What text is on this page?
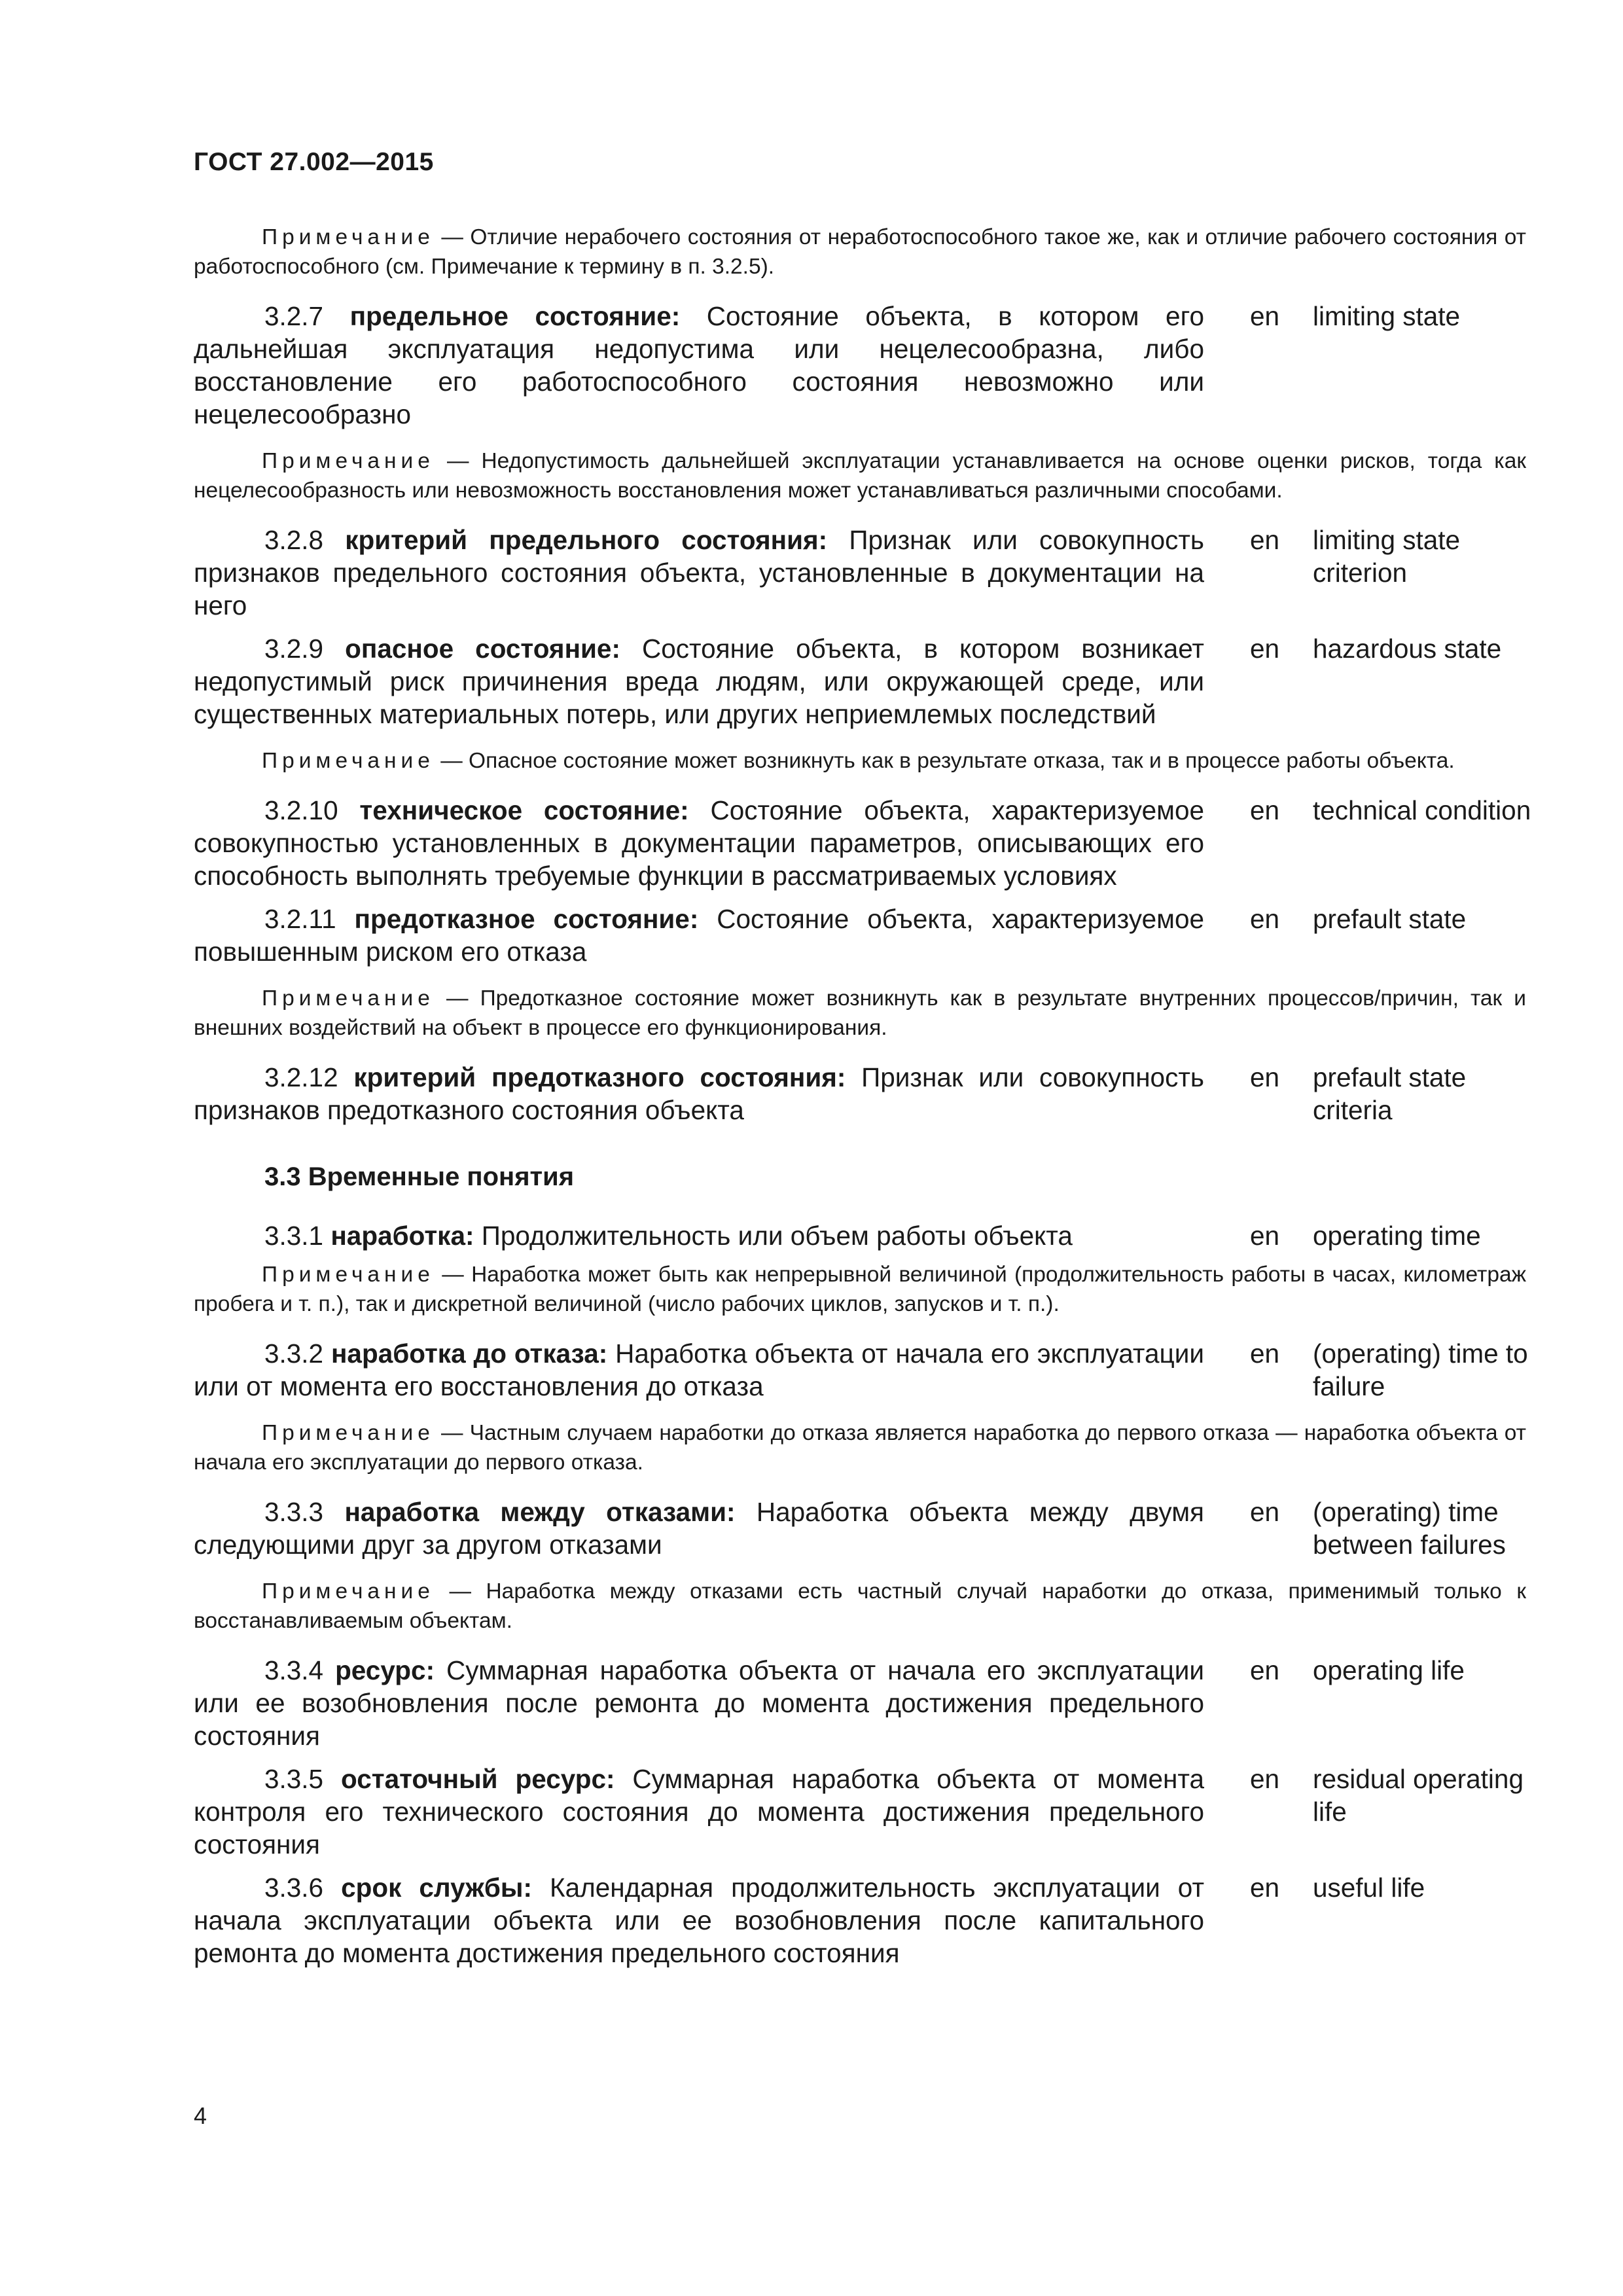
ГОСТ 27.002—2015
Примечание — Отличие нерабочего состояния от неработоспособного такое же, как и отличие рабочего состояния от работоспособного (см. Примечание к термину в п. 3.2.5).
3.2.7 предельное состояние: Состояние объекта, в котором его дальнейшая эксплуатация недопустима или нецелесообразна, либо восстановление его работоспособного состояния невозможно или нецелесообразно
en limiting state
Примечание — Недопустимость дальнейшей эксплуатации устанавливается на основе оценки рисков, тогда как нецелесообразность или невозможность восстановления может устанавливаться различными способами.
3.2.8 критерий предельного состояния: Признак или совокупность признаков предельного состояния объекта, установленные в документации на него
en limiting state criterion
3.2.9 опасное состояние: Состояние объекта, в котором возникает недопустимый риск причинения вреда людям, или окружающей среде, или существенных материальных потерь, или других неприемлемых последствий
en hazardous state
Примечание — Опасное состояние может возникнуть как в результате отказа, так и в процессе работы объекта.
3.2.10 техническое состояние: Состояние объекта, характеризуемое совокупностью установленных в документации параметров, описывающих его способность выполнять требуемые функции в рассматриваемых условиях
en technical condition
3.2.11 предотказное состояние: Состояние объекта, характеризуемое повышенным риском его отказа
en prefault state
Примечание — Предотказное состояние может возникнуть как в результате внутренних процессов/причин, так и внешних воздействий на объект в процессе его функционирования.
3.2.12 критерий предотказного состояния: Признак или совокупность признаков предотказного состояния объекта
en prefault state criteria
3.3 Временные понятия
3.3.1 наработка: Продолжительность или объем работы объекта	en operating time
Примечание — Наработка может быть как непрерывной величиной (продолжительность работы в часах, километраж пробега и т. п.), так и дискретной величиной (число рабочих циклов, запусков и т. п.).
3.3.2 наработка до отказа: Наработка объекта от начала его эксплуатации или от момента его восстановления до отказа
en (operating) time to failure
Примечание — Частным случаем наработки до отказа является наработка до первого отказа — наработка объекта от начала его эксплуатации до первого отказа.
3.3.3 наработка между отказами: Наработка объекта между двумя следующими друг за другом отказами
en (operating) time between failures
Примечание — Наработка между отказами есть частный случай наработки до отказа, применимый только к восстанавливаемым объектам.
3.3.4 ресурс: Суммарная наработка объекта от начала его эксплуатации или ее возобновления после ремонта до момента достижения предельного состояния
en operating life
3.3.5 остаточный ресурс: Суммарная наработка объекта от момента контроля его технического состояния до момента достижения предельного состояния
en residual operating life
3.3.6 срок службы: Календарная продолжительность эксплуатации от начала эксплуатации объекта или ее возобновления после капитального ремонта до момента достижения предельного состояния
en useful life
4
